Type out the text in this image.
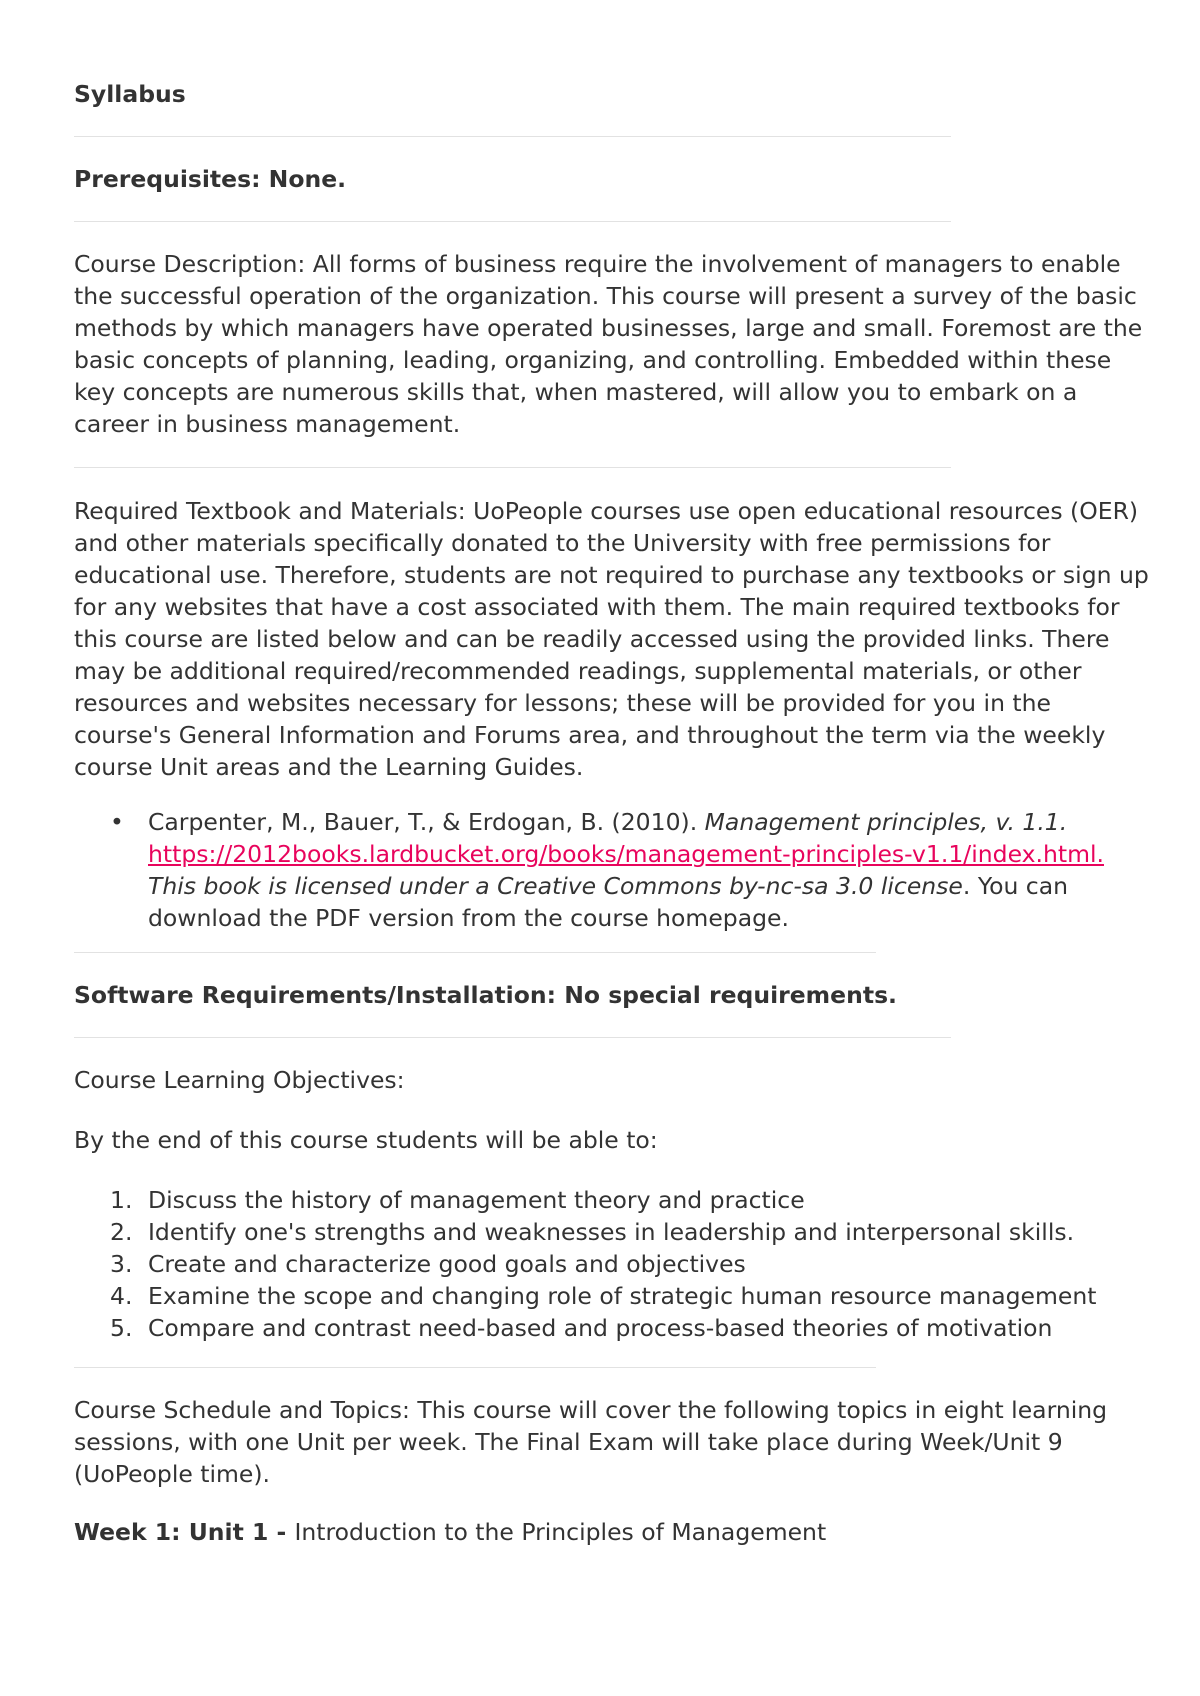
Syllabus

Prerequisites: None.

Course Description: All forms of business require the involvement of managers to enable the successful operation of the organization. This course will present a survey of the basic methods by which managers have operated businesses, large and small. Foremost are the basic concepts of planning, leading, organizing, and controlling. Embedded within these key concepts are numerous skills that, when mastered, will allow you to embark on a career in business management.

Required Textbook and Materials: UoPeople courses use open educational resources (OER) and other materials specifically donated to the University with free permissions for educational use. Therefore, students are not required to purchase any textbooks or sign up for any websites that have a cost associated with them. The main required textbooks for this course are listed below and can be readily accessed using the provided links. There may be additional required/recommended readings, supplemental materials, or other resources and websites necessary for lessons; these will be provided for you in the course's General Information and Forums area, and throughout the term via the weekly course Unit areas and the Learning Guides.

• Carpenter, M., Bauer, T., & Erdogan, B. (2010). Management principles, v. 1.1. https://2012books.lardbucket.org/books/management-principles-v1.1/index.html. This book is licensed under a Creative Commons by-nc-sa 3.0 license. You can download the PDF version from the course homepage.

Software Requirements/Installation: No special requirements.

Course Learning Objectives:

By the end of this course students will be able to:

1. Discuss the history of management theory and practice
2. Identify one's strengths and weaknesses in leadership and interpersonal skills.
3. Create and characterize good goals and objectives
4. Examine the scope and changing role of strategic human resource management
5. Compare and contrast need-based and process-based theories of motivation

Course Schedule and Topics: This course will cover the following topics in eight learning sessions, with one Unit per week. The Final Exam will take place during Week/Unit 9 (UoPeople time).

Week 1: Unit 1 - Introduction to the Principles of Management
